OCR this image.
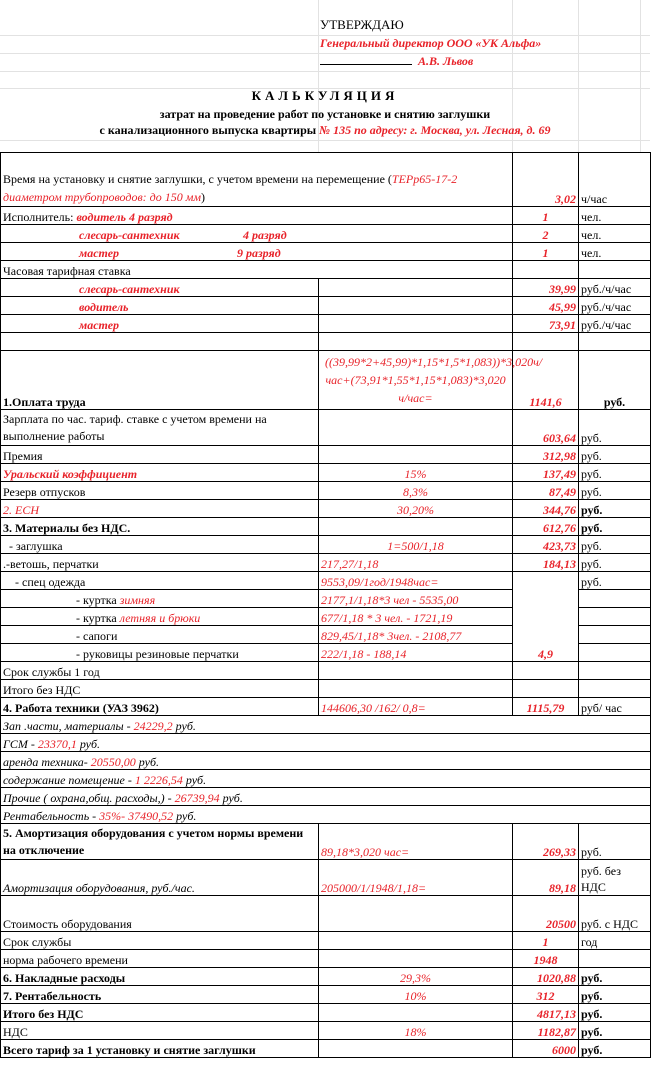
УТВЕРЖДАЮ
Генеральный директор ООО «УК Альфа»
А.В. Львов
КАЛЬКУЛЯЦИЯ
затрат на проведение работ по установке и снятию заглушки
с канализационного выпуска квартиры № 135 по адресу: г. Москва, ул. Лесная, д. 69
Время на установку и снятие заглушки, с учетом времени на перемещение (ТЕРр65-17-2 диаметром трубопроводов: до 150 мм)		3,02	ч/час
Исполнитель: водитель 4 разряд		1	чел.
слесарь-сантехник 4 разряд		2	чел.
мастер 9 разряд		1	чел.
Часовая тарифная ставка			
слесарь-сантехник		39,99	руб./ч/час
водитель		45,99	руб./ч/час
мастер		73,91	руб./ч/час

1.Оплата труда	((39,99*2+45,99)*1,15*1,5*1,083))*3,020ч/час+(73,91*1,55*1,15*1,083)*3,020 ч/час=	1141,6	руб.
Зарплата по час. тариф. ставке с учетом времени на выполнение работы		603,64	руб.
Премия		312,98	руб.
Уральский коэффициент	15%	137,49	руб.
Резерв отпусков	8,3%	87,49	руб.
2. ЕСН	30,20%	344,76	руб.
3. Материалы без НДС.		612,76	руб.
- заглушка	1=500/1,18	423,73	руб.
.-ветошь, перчатки	217,27/1,18	184,13	руб.
- спец одежда	9553,09/1год/1948час=	4,9	руб.
- куртка зимняя	2177,1/1,18*3 чел - 5535,00		
- куртка летняя и брюки	677/1,18 * 3 чел. - 1721,19		
- сапоги	829,45/1,18* 3чел. - 2108,77		
- руковицы резиновые перчатки	222/1,18 - 188,14		
Срок службы 1 год			
Итого без НДС			
4. Работа техники (УАЗ 3962)	144606,30 /162/ 0,8=	1115,79	руб/ час
Зап .части, материалы - 24229,2 руб.			
ГСМ - 23370,1 руб.			
аренда техника- 20550,00 руб.			
содержание помещение - 1 2226,54 руб.			
Прочие ( охрана,общ. расходы,) - 26739,94 руб.			
Рентабельность - 35%- 37490,52 руб.			
5. Амортизация оборудования с учетом нормы времени на отключение	89,18*3,020 час=	269,33	руб.
Амортизация оборудования, руб./час.	205000/1/1948/1,18=	89,18	руб. без НДС
Стоимость оборудования		20500	руб. с НДС
Срок службы		1	год
норма рабочего времени		1948	
6. Накладные расходы	29,3%	1020,88	руб.
7. Рентабельность	10%	312	руб.
Итого без НДС		4817,13	руб.
НДС	18%	1182,87	руб.
Всего тариф за 1 установку и снятие заглушки		6000	руб.
